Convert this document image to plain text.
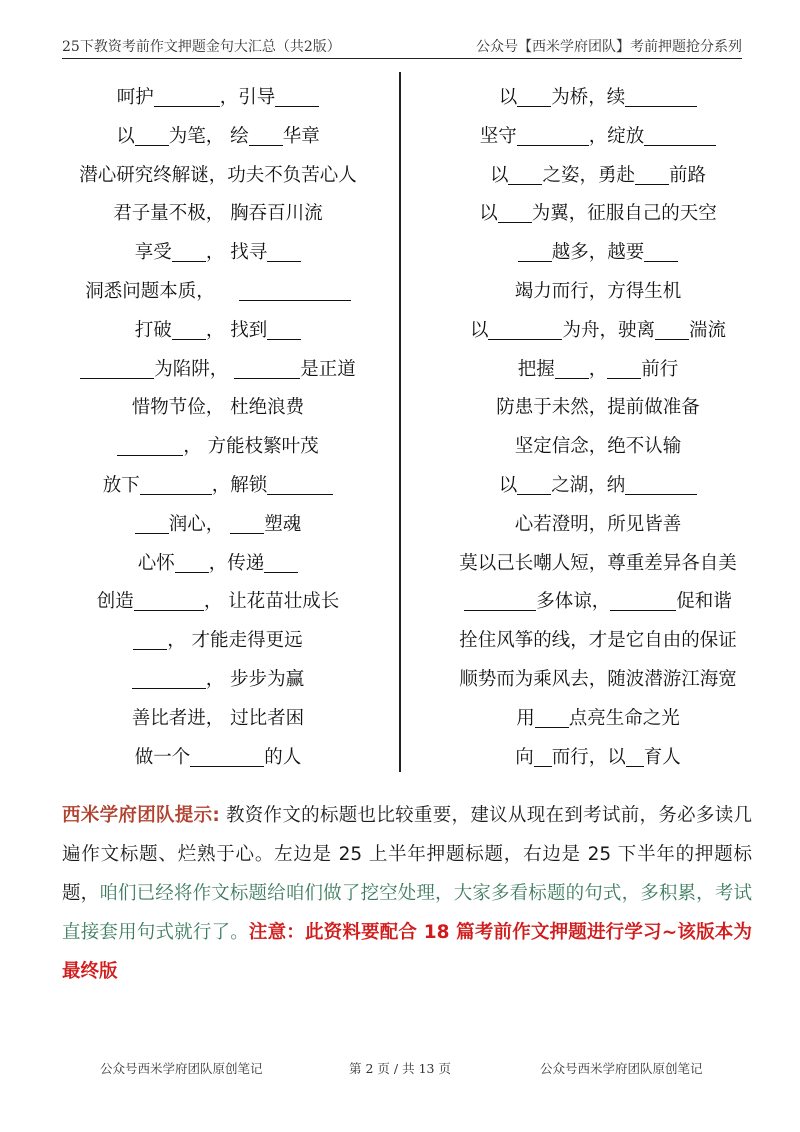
25下教资考前作文押题金句大汇总（共2版）	公众号【西米学府团队】考前押题抢分系列
呵护	，引导
以 为笔， 绘 华章
潜心研究终解谜，功夫不负苦心人
君子量不极， 胸吞百川流
享受 ， 找寻
洞悉问题本质，
打破 ， 找到
为陷阱，	是正道
惜物节俭， 杜绝浪费
， 方能枝繁叶茂
放下	，解锁
润心， 塑魂
心怀 ，传递
创造	， 让花苗壮成长
， 才能走得更远
， 步步为赢
善比者进， 过比者困
做一个	的人
以 为桥，续
坚守	，绽放
以 之姿，勇赴 前路
以 为翼，征服自己的天空
越多，越要
竭力而行，方得生机
以	为舟，驶离 湍流
把握 ， 前行
防患于未然，提前做准备
坚定信念，绝不认输
以 之湖，纳
心若澄明，所见皆善
莫以己长嘲人短，尊重差异各自美
多体谅，	促和谐
拴住风筝的线，才是它自由的保证
顺势而为乘风去，随波潜游江海宽
用 点亮生命之光
向 而行，以 育人
西米学府团队提示: 教资作文的标题也比较重要，建议从现在到考试前，务必多读几遍作文标题、烂熟于心。左边是 25 上半年押题标题，右边是 25 下半年的押题标题，咱们已经将作文标题给咱们做了挖空处理，大家多看标题的句式，多积累，考试直接套用句式就行了。注意：此资料要配合 18 篇考前作文押题进行学习~该版本为最终版
公众号西米学府团队原创笔记	第 2 页 / 共 13 页	公众号西米学府团队原创笔记
